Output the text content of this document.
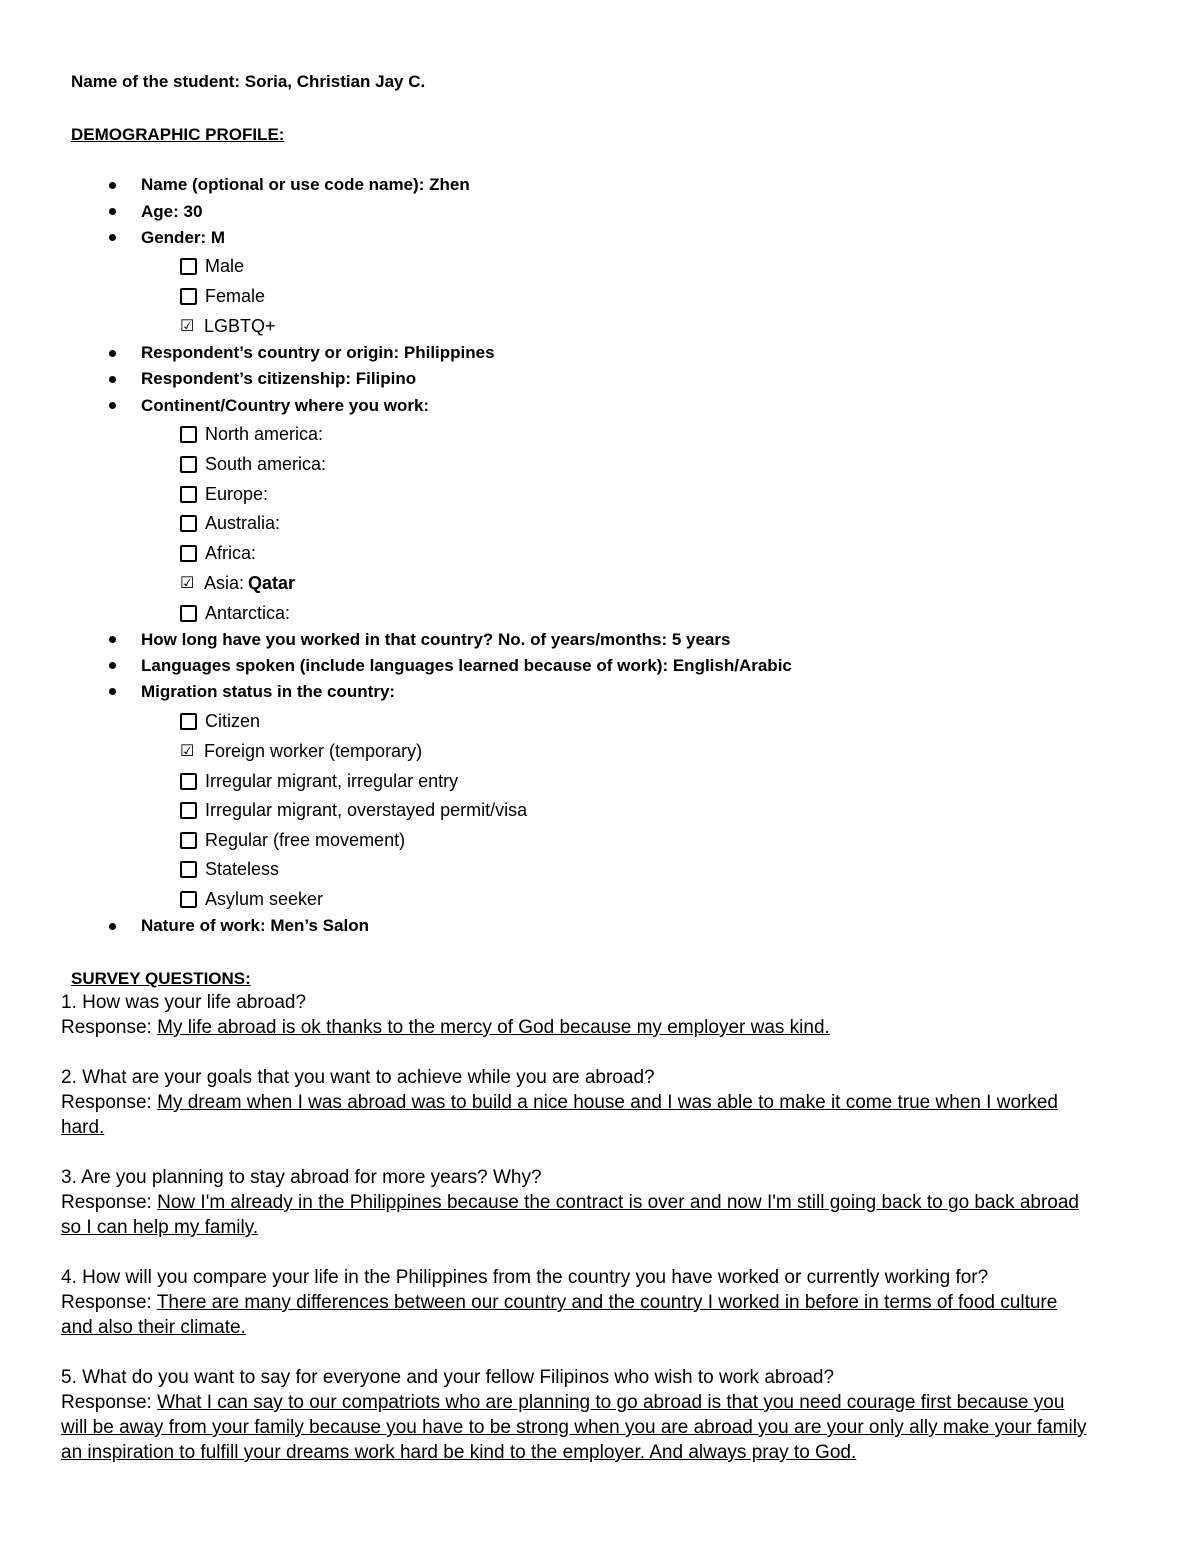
Name of the student: Soria, Christian Jay C.
DEMOGRAPHIC PROFILE:
Name (optional or use code name): Zhen
Age: 30
Gender: M
Male
Female
☑ LGBTQ+
Respondent’s country or origin: Philippines
Respondent’s citizenship: Filipino
Continent/Country where you work:
North america:
South america:
Europe:
Australia:
Africa:
☑ Asia: Qatar
Antarctica:
How long have you worked in that country? No. of years/months: 5 years
Languages spoken (include languages learned because of work): English/Arabic
Migration status in the country:
Citizen
☑ Foreign worker (temporary)
Irregular migrant, irregular entry
Irregular migrant, overstayed permit/visa
Regular (free movement)
Stateless
Asylum seeker
Nature of work: Men’s Salon
SURVEY QUESTIONS:

1. How was your life abroad?

Response: My life abroad is ok thanks to the mercy of God because my employer was kind.

2. What are your goals that you want to achieve while you are abroad?

Response: My dream when I was abroad was to build a nice house and I was able to make it come true when I worked hard.

3. Are you planning to stay abroad for more years? Why?

Response: Now I'm already in the Philippines because the contract is over and now I'm still going back to go back abroad so I can help my family.

4. How will you compare your life in the Philippines from the country you have worked or currently working for?

Response: There are many differences between our country and the country I worked in before in terms of food culture and also their climate.

5. What do you want to say for everyone and your fellow Filipinos who wish to work abroad?

Response: What I can say to our compatriots who are planning to go abroad is that you need courage first because you will be away from your family because you have to be strong when you are abroad you are your only ally make your family an inspiration to fulfill your dreams work hard be kind to the employer. And always pray to God.
